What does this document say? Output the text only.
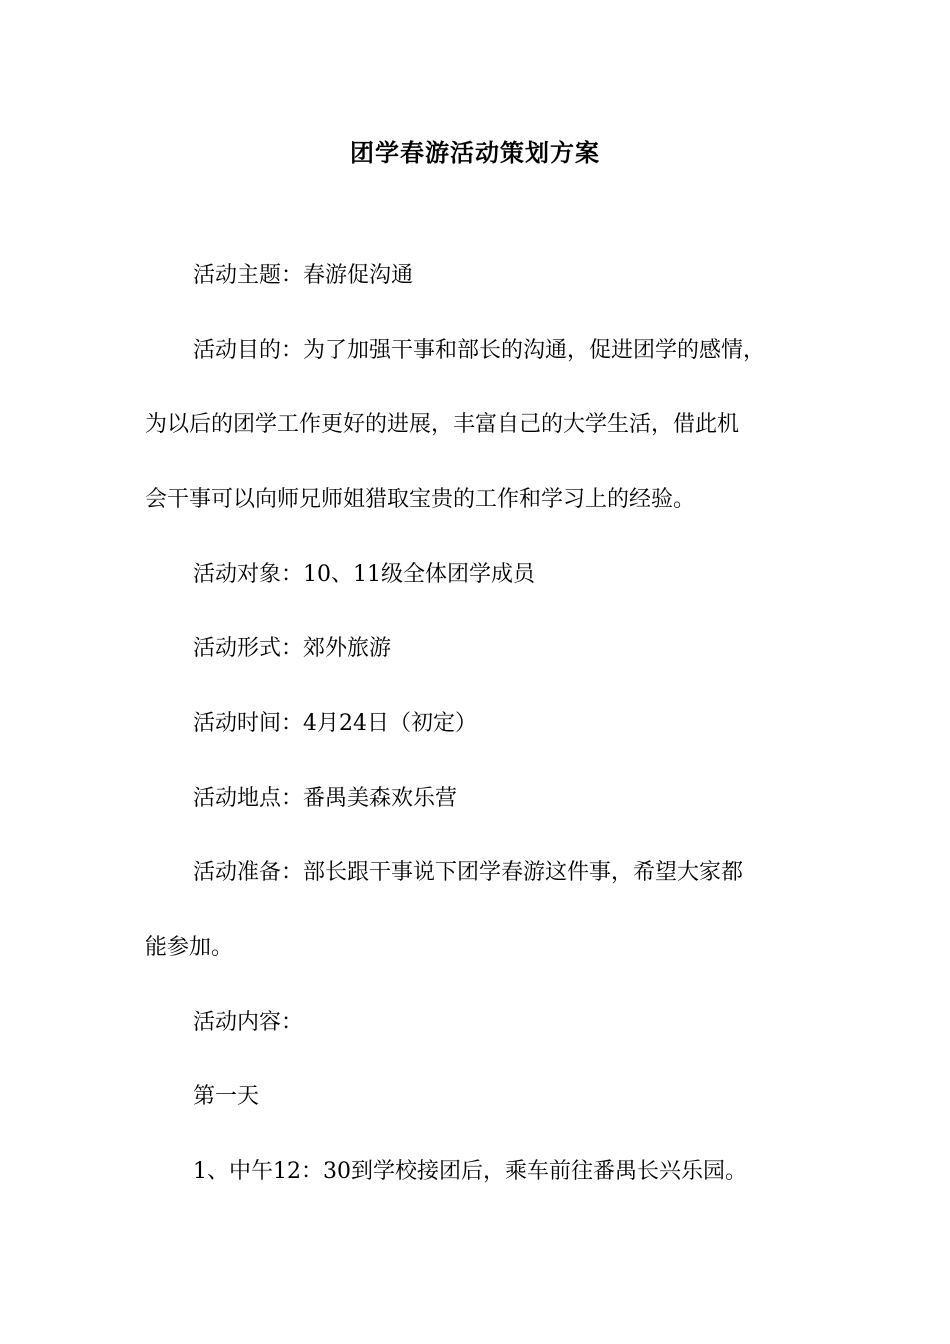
团学春游活动策划方案

活动主题：春游促沟通

活动目的：为了加强干事和部长的沟通，促进团学的感情，

为以后的团学工作更好的进展，丰富自己的大学生活，借此机

会干事可以向师兄师姐猎取宝贵的工作和学习上的经验。

活动对象：10、11级全体团学成员

活动形式：郊外旅游

活动时间：4月24日（初定）

活动地点：番禺美森欢乐营

活动准备：部长跟干事说下团学春游这件事，希望大家都

能参加。

活动内容：

第一天

1、中午12：30到学校接团后，乘车前往番禺长兴乐园。
